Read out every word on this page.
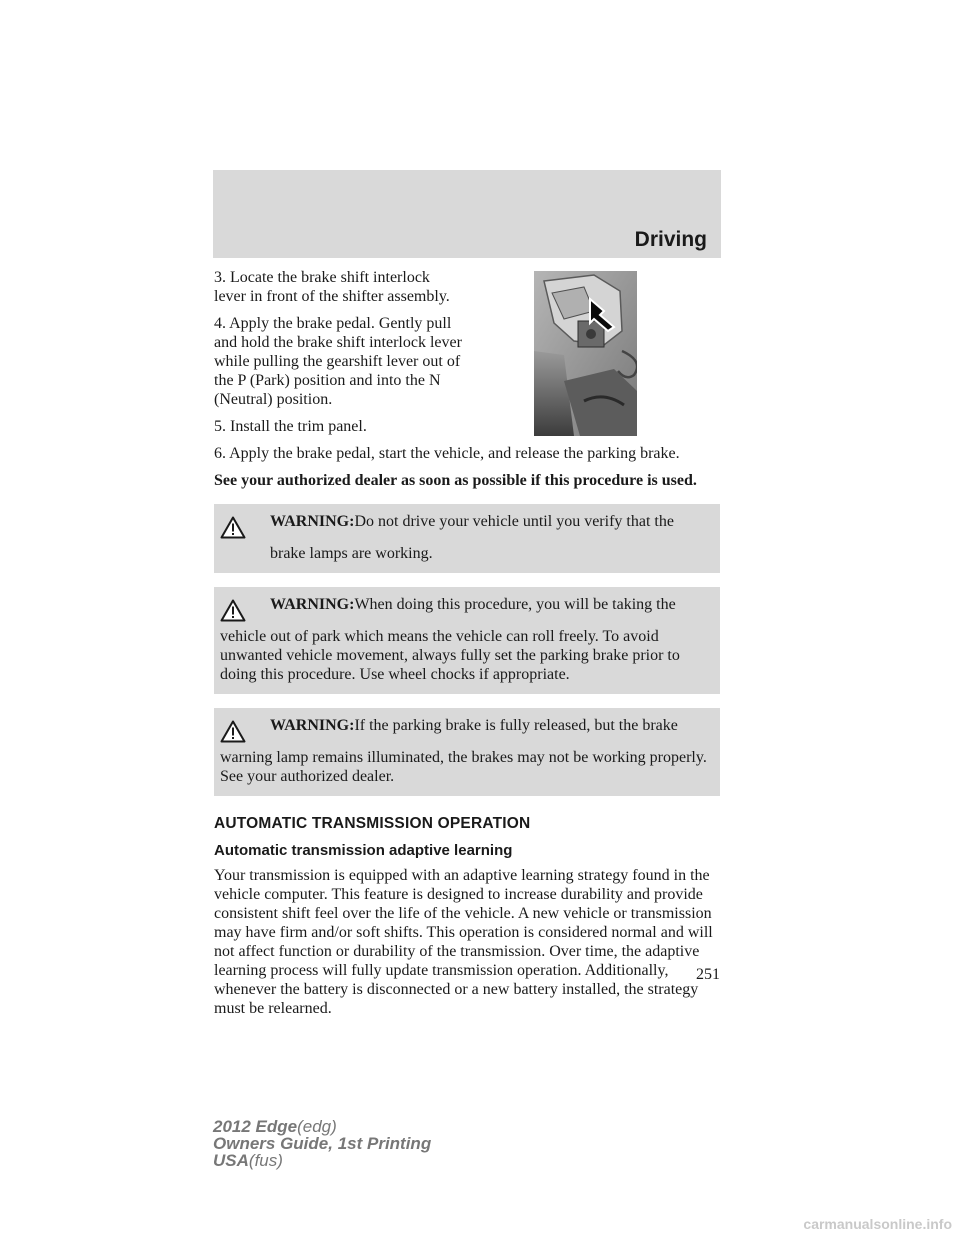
Driving

3. Locate the brake shift interlock lever in front of the shifter assembly.

4. Apply the brake pedal. Gently pull and hold the brake shift interlock lever while pulling the gearshift lever out of the P (Park) position and into the N (Neutral) position.

5. Install the trim panel.

6. Apply the brake pedal, start the vehicle, and release the parking brake.

See your authorized dealer as soon as possible if this procedure is used.

WARNING:Do not drive your vehicle until you verify that the
brake lamps are working.
WARNING:When doing this procedure, you will be taking the
vehicle out of park which means the vehicle can roll freely. To avoid unwanted vehicle movement, always fully set the parking brake prior to doing this procedure. Use wheel chocks if appropriate.
WARNING:If the parking brake is fully released, but the brake
warning lamp remains illuminated, the brakes may not be working properly. See your authorized dealer.
AUTOMATIC TRANSMISSION OPERATION
Automatic transmission adaptive learning

Your transmission is equipped with an adaptive learning strategy found in the vehicle computer. This feature is designed to increase durability and provide consistent shift feel over the life of the vehicle. A new vehicle or transmission may have firm and/or soft shifts. This operation is considered normal and will not affect function or durability of the transmission. Over time, the adaptive learning process will fully update transmission operation. Additionally, whenever the battery is disconnected or a new battery installed, the strategy must be relearned.

251
2012 Edge(edg)
Owners Guide, 1st Printing
USA(fus)
carmanualsonline.info
